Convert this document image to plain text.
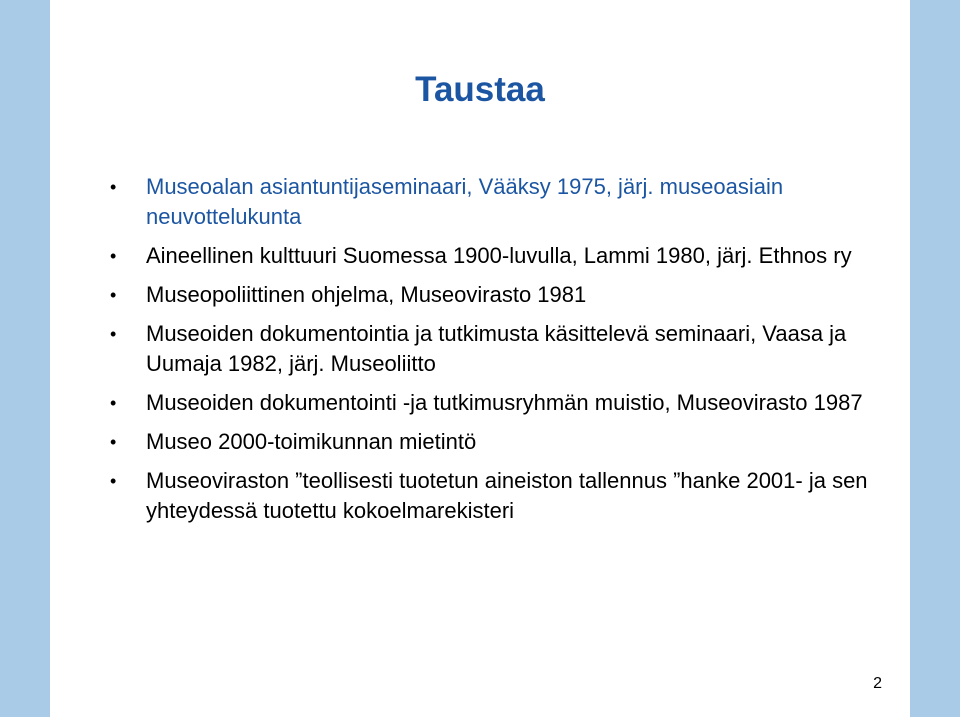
Taustaa
• Museoalan asiantuntijaseminaari, Vääksy 1975, järj. museoasiain neuvottelukunta
• Aineellinen kulttuuri Suomessa 1900-luvulla, Lammi 1980, järj. Ethnos ry
• Museopoliittinen ohjelma, Museovirasto 1981
• Museoiden dokumentointia ja tutkimusta käsittelevä seminaari, Vaasa ja Uumaja 1982, järj. Museoliitto
• Museoiden dokumentointi -ja tutkimusryhmän muistio, Museovirasto 1987
• Museo 2000-toimikunnan mietintö
• Museoviraston ”teollisesti tuotetun aineiston tallennus ”hanke 2001- ja sen yhteydessä tuotettu kokoelmarekisteri
2
